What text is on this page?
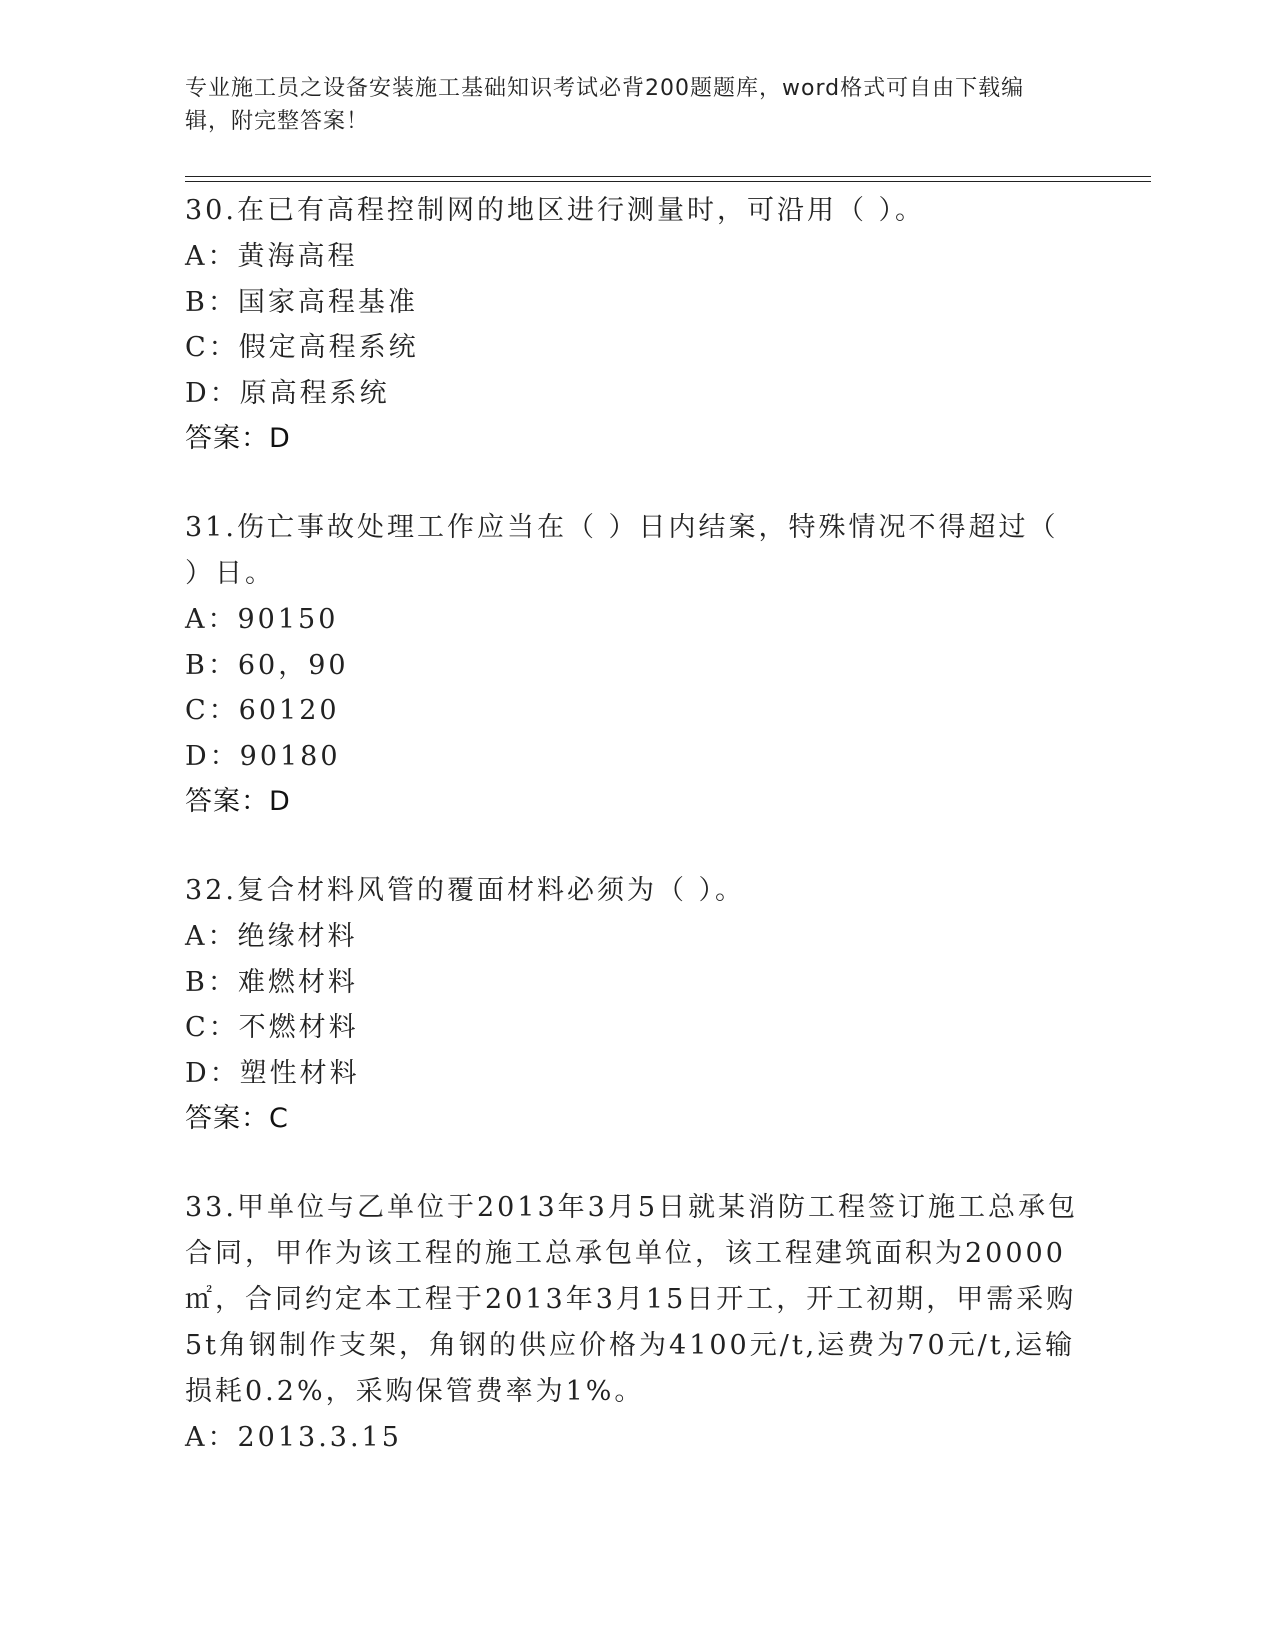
专业施工员之设备安装施工基础知识考试必背200题题库，word格式可自由下载编辑，附完整答案！
30.在已有高程控制网的地区进行测量时，可沿用（ ）。
A：黄海高程
B：国家高程基准
C：假定高程系统
D：原高程系统
答案：D
31.伤亡事故处理工作应当在（ ）日内结案，特殊情况不得超过（ ）日。
A：90150
B：60，90
C：60120
D：90180
答案：D
32.复合材料风管的覆面材料必须为（ ）。
A：绝缘材料
B：难燃材料
C：不燃材料
D：塑性材料
答案：C
33.甲单位与乙单位于2013年3月5日就某消防工程签订施工总承包合同，甲作为该工程的施工总承包单位，该工程建筑面积为20000㎡，合同约定本工程于2013年3月15日开工，开工初期，甲需采购5t角钢制作支架，角钢的供应价格为4100元/t,运费为70元/t,运输损耗0.2%，采购保管费率为1%。
A：2013.3.15
